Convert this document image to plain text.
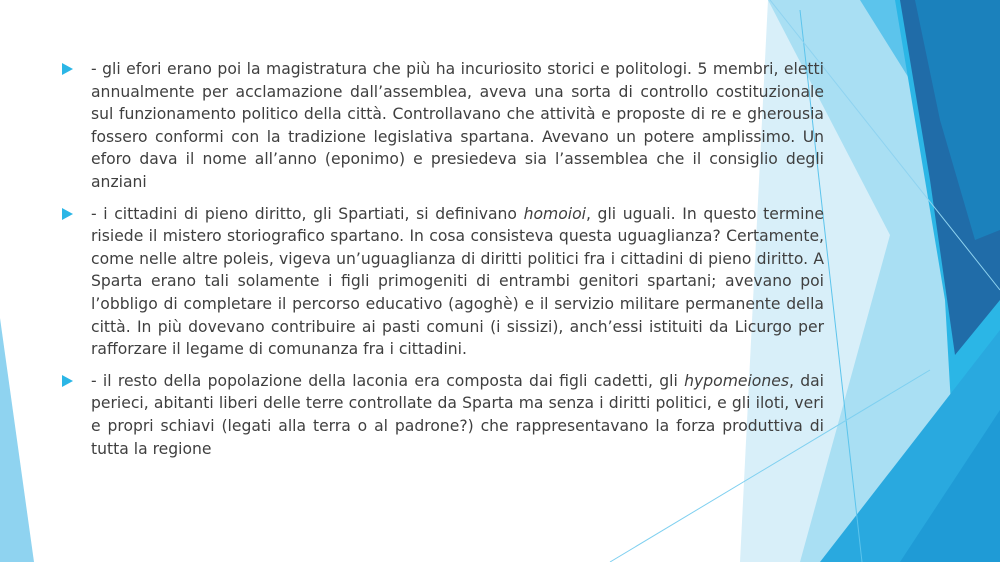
- gli efori erano poi la magistratura che più ha incuriosito storici e politologi. 5 membri, eletti annualmente per acclamazione dall’assemblea, aveva una sorta di controllo costituzionale sul funzionamento politico della città. Controllavano che attività e proposte di re e gherousia fossero conformi con la tradizione legislativa spartana. Avevano un potere amplissimo. Un eforo dava il nome all’anno (eponimo) e presiedeva sia l’assemblea che il consiglio degli anziani

- i cittadini di pieno diritto, gli Spartiati, si definivano homoioi, gli uguali. In questo termine risiede il mistero storiografico spartano. In cosa consisteva questa uguaglianza? Certamente, come nelle altre poleis, vigeva un’uguaglianza di diritti politici fra i cittadini di pieno diritto. A Sparta erano tali solamente i figli primogeniti di entrambi genitori spartani; avevano poi l’obbligo di completare il percorso educativo (agoghè) e il servizio militare permanente della città. In più dovevano contribuire ai pasti comuni (i sissizi), anch’essi istituiti da Licurgo per rafforzare il legame di comunanza fra i cittadini.

- il resto della popolazione della laconia era composta dai figli cadetti, gli hypomeiones, dai perieci, abitanti liberi delle terre controllate da Sparta ma senza i diritti politici, e gli iloti, veri e propri schiavi (legati alla terra o al padrone?) che rappresentavano la forza produttiva di tutta la regione
